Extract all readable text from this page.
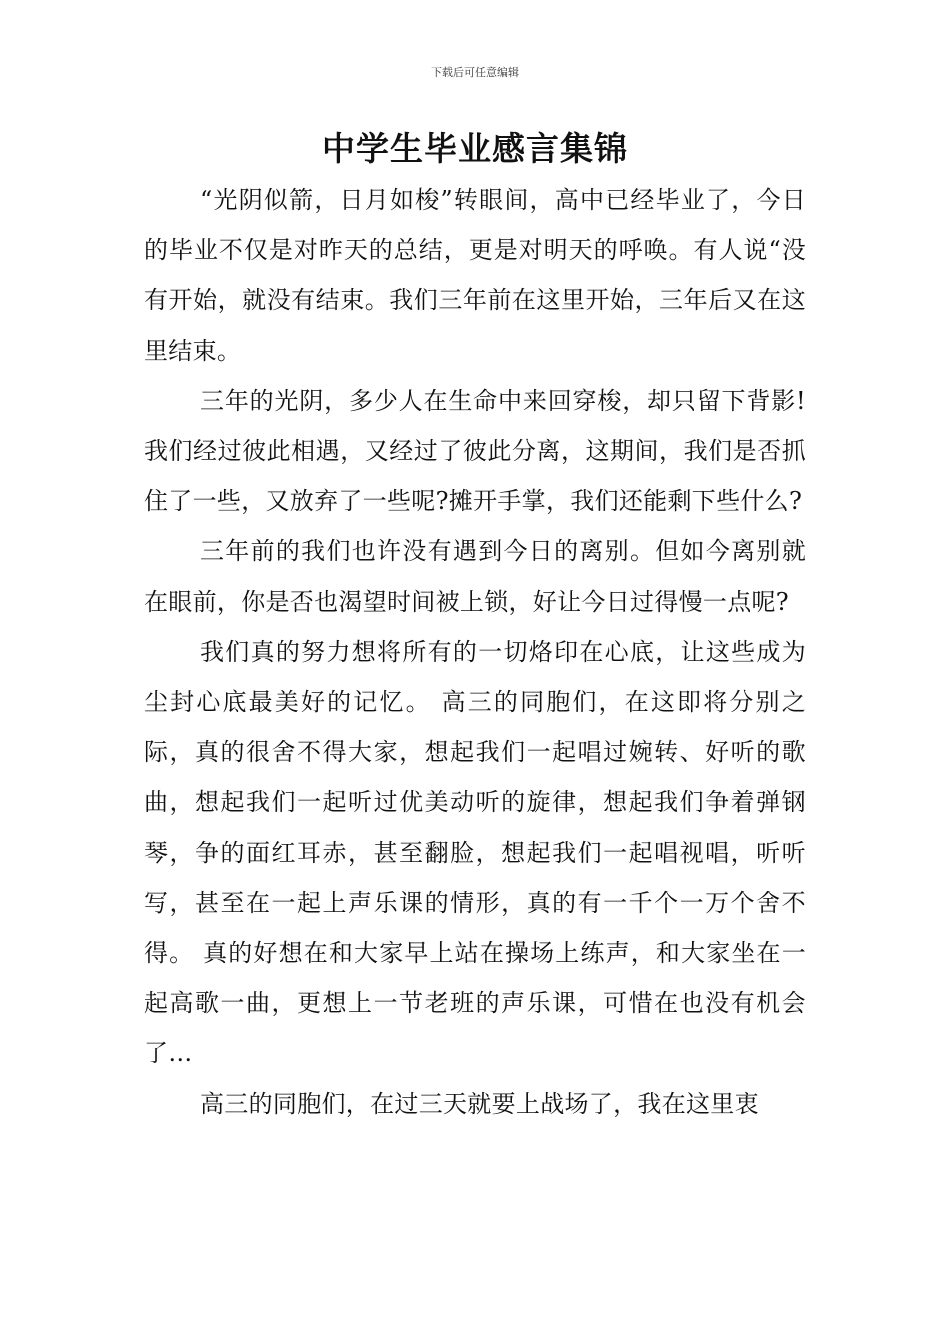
下载后可任意编辑
中学生毕业感言集锦

“光阴似箭，日月如梭”转眼间，高中已经毕业了，今日的毕业不仅是对昨天的总结，更是对明天的呼唤。有人说“没有开始，就没有结束。我们三年前在这里开始，三年后又在这里结束。

三年的光阴，多少人在生命中来回穿梭，却只留下背影!我们经过彼此相遇，又经过了彼此分离，这期间，我们是否抓住了一些，又放弃了一些呢?摊开手掌，我们还能剩下些什么?

三年前的我们也许没有遇到今日的离别。但如今离别就在眼前，你是否也渴望时间被上锁，好让今日过得慢一点呢?

我们真的努力想将所有的一切烙印在心底，让这些成为尘封心底最美好的记忆。 高三的同胞们，在这即将分别之际，真的很舍不得大家，想起我们一起唱过婉转、好听的歌曲，想起我们一起听过优美动听的旋律，想起我们争着弹钢琴，争的面红耳赤，甚至翻脸，想起我们一起唱视唱，听听写，甚至在一起上声乐课的情形，真的有一千个一万个舍不得。 真的好想在和大家早上站在操场上练声，和大家坐在一起高歌一曲，更想上一节老班的声乐课，可惜在也没有机会了…

高三的同胞们，在过三天就要上战场了，我在这里衷
